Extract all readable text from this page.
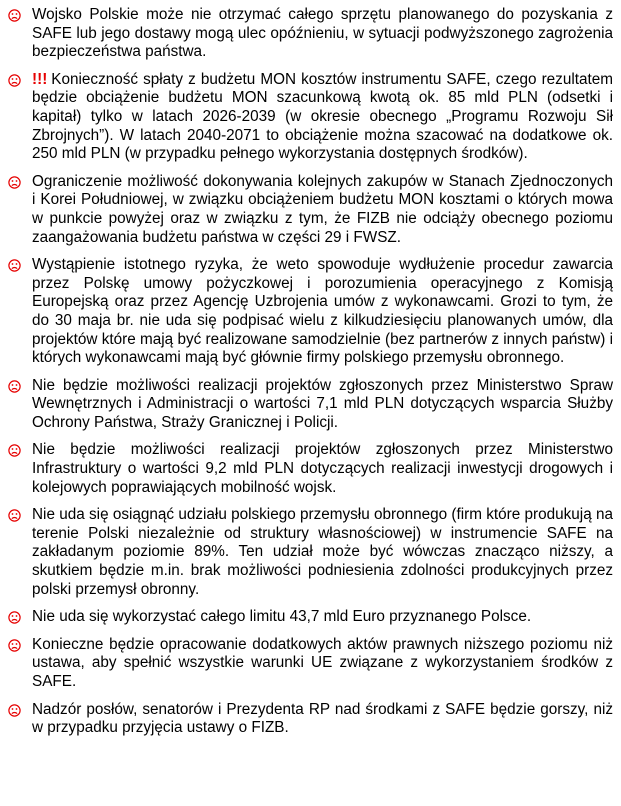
Wojsko Polskie może nie otrzymać całego sprzętu planowanego do pozyskania z SAFE lub jego dostawy mogą ulec opóźnieniu, w sytuacji podwyższonego zagrożenia bezpieczeństwa państwa.
!!! Konieczność spłaty z budżetu MON kosztów instrumentu SAFE, czego rezultatem będzie obciążenie budżetu MON szacunkową kwotą ok. 85 mld PLN (odsetki i kapitał) tylko w latach 2026-2039 (w okresie obecnego „Programu Rozwoju Sił Zbrojnych”). W latach 2040-2071 to obciążenie można szacować na dodatkowe ok. 250 mld PLN (w przypadku pełnego wykorzystania dostępnych środków).
Ograniczenie możliwość dokonywania kolejnych zakupów w Stanach Zjednoczonych i Korei Południowej, w związku obciążeniem budżetu MON kosztami o których mowa w punkcie powyżej oraz w związku z tym, że FIZB nie odciąży obecnego poziomu zaangażowania budżetu państwa w części 29 i FWSZ.
Wystąpienie istotnego ryzyka, że weto spowoduje wydłużenie procedur zawarcia przez Polskę umowy pożyczkowej i porozumienia operacyjnego z Komisją Europejską oraz przez Agencję Uzbrojenia umów z wykonawcami. Grozi to tym, że do 30 maja br. nie uda się podpisać wielu z kilkudziesięciu planowanych umów, dla projektów które mają być realizowane samodzielnie (bez partnerów z innych państw) i których wykonawcami mają być głównie firmy polskiego przemysłu obronnego.
Nie będzie możliwości realizacji projektów zgłoszonych przez Ministerstwo Spraw Wewnętrznych i Administracji o wartości 7,1 mld PLN dotyczących wsparcia Służby Ochrony Państwa, Straży Granicznej i Policji.
Nie będzie możliwości realizacji projektów zgłoszonych przez Ministerstwo Infrastruktury o wartości 9,2 mld PLN dotyczących realizacji inwestycji drogowych i kolejowych poprawiających mobilność wojsk.
Nie uda się osiągnąć udziału polskiego przemysłu obronnego (firm które produkują na terenie Polski niezależnie od struktury własnościowej) w instrumencie SAFE na zakładanym poziomie 89%. Ten udział może być wówczas znacząco niższy, a skutkiem będzie m.in. brak możliwości podniesienia zdolności produkcyjnych przez polski przemysł obronny.
Nie uda się wykorzystać całego limitu 43,7 mld Euro przyznanego Polsce.
Konieczne będzie opracowanie dodatkowych aktów prawnych niższego poziomu niż ustawa, aby spełnić wszystkie warunki UE związane z wykorzystaniem środków z SAFE.
Nadzór posłów, senatorów i Prezydenta RP nad środkami z SAFE będzie gorszy, niż w przypadku przyjęcia ustawy o FIZB.
